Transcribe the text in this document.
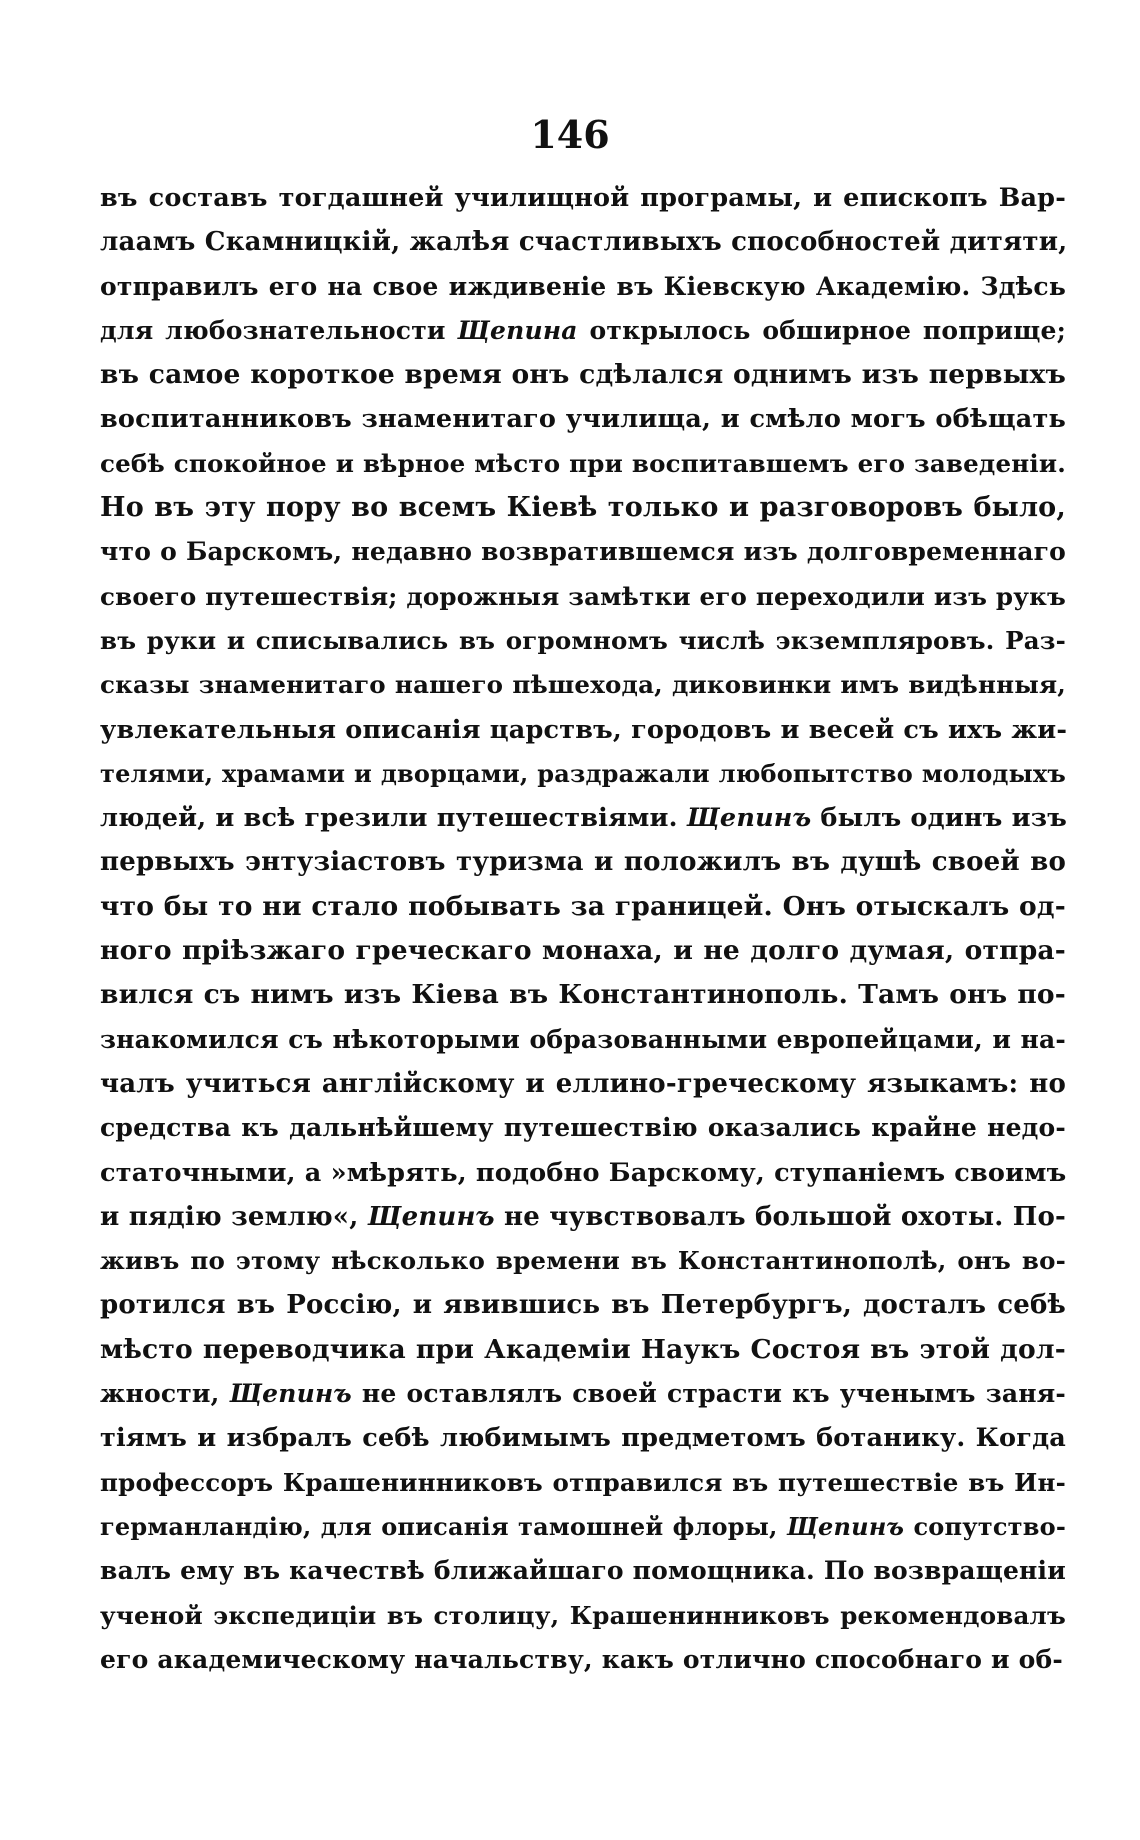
146
въ составъ тогдашней училищной програмы, и епископъ Вар-
лаамъ Скамницкій, жалѣя счастливыхъ способностей дитяти,
отправилъ его на свое иждивеніе въ Кіевскую Академію. Здѣсь
для любознательности Щепина открылось обширное поприще;
въ самое короткое время онъ сдѣлался однимъ изъ первыхъ
воспитанниковъ знаменитаго училища, и смѣло могъ обѣщать
себѣ спокойное и вѣрное мѣсто при воспитавшемъ его заведеніи.
Но въ эту пору во всемъ Кіевѣ только и разговоровъ было,
что о Барскомъ, недавно возвратившемся изъ долговременнаго
своего путешествія; дорожныя замѣтки его переходили изъ рукъ
въ руки и списывались въ огромномъ числѣ экземпляровъ. Раз-
сказы знаменитаго нашего пѣшехода, диковинки имъ видѣнныя,
увлекательныя описанія царствъ, городовъ и весей съ ихъ жи-
телями, храмами и дворцами, раздражали любопытство молодыхъ
людей, и всѣ грезили путешествіями. Щепинъ былъ одинъ изъ
первыхъ энтузіастовъ туризма и положилъ въ душѣ своей во
что бы то ни стало побывать за границей. Онъ отыскалъ од-
ного пріѣзжаго греческаго монаха, и не долго думая, отпра-
вился съ нимъ изъ Кіева въ Константинополь. Тамъ онъ по-
знакомился съ нѣкоторыми образованными европейцами, и на-
чалъ учиться англійскому и еллино-греческому языкамъ: но
средства къ дальнѣйшему путешествію оказались крайне недо-
статочными, а »мѣрять, подобно Барскому, ступаніемъ своимъ
и пядію землю«, Щепинъ не чувствовалъ большой охоты. По-
живъ по этому нѣсколько времени въ Константинополѣ, онъ во-
ротился въ Россію, и явившись въ Петербургъ, досталъ себѣ
мѣсто переводчика при Академіи Наукъ Состоя въ этой дол-
жности, Щепинъ не оставлялъ своей страсти къ ученымъ заня-
тіямъ и избралъ себѣ любимымъ предметомъ ботанику. Когда
профессоръ Крашенинниковъ отправился въ путешествіе въ Ин-
германландію, для описанія тамошней флоры, Щепинъ сопутство-
валъ ему въ качествѣ ближайшаго помощника. По возвращеніи
ученой экспедиціи въ столицу, Крашенинниковъ рекомендовалъ
его академическому начальству, какъ отлично способнаго и об-
